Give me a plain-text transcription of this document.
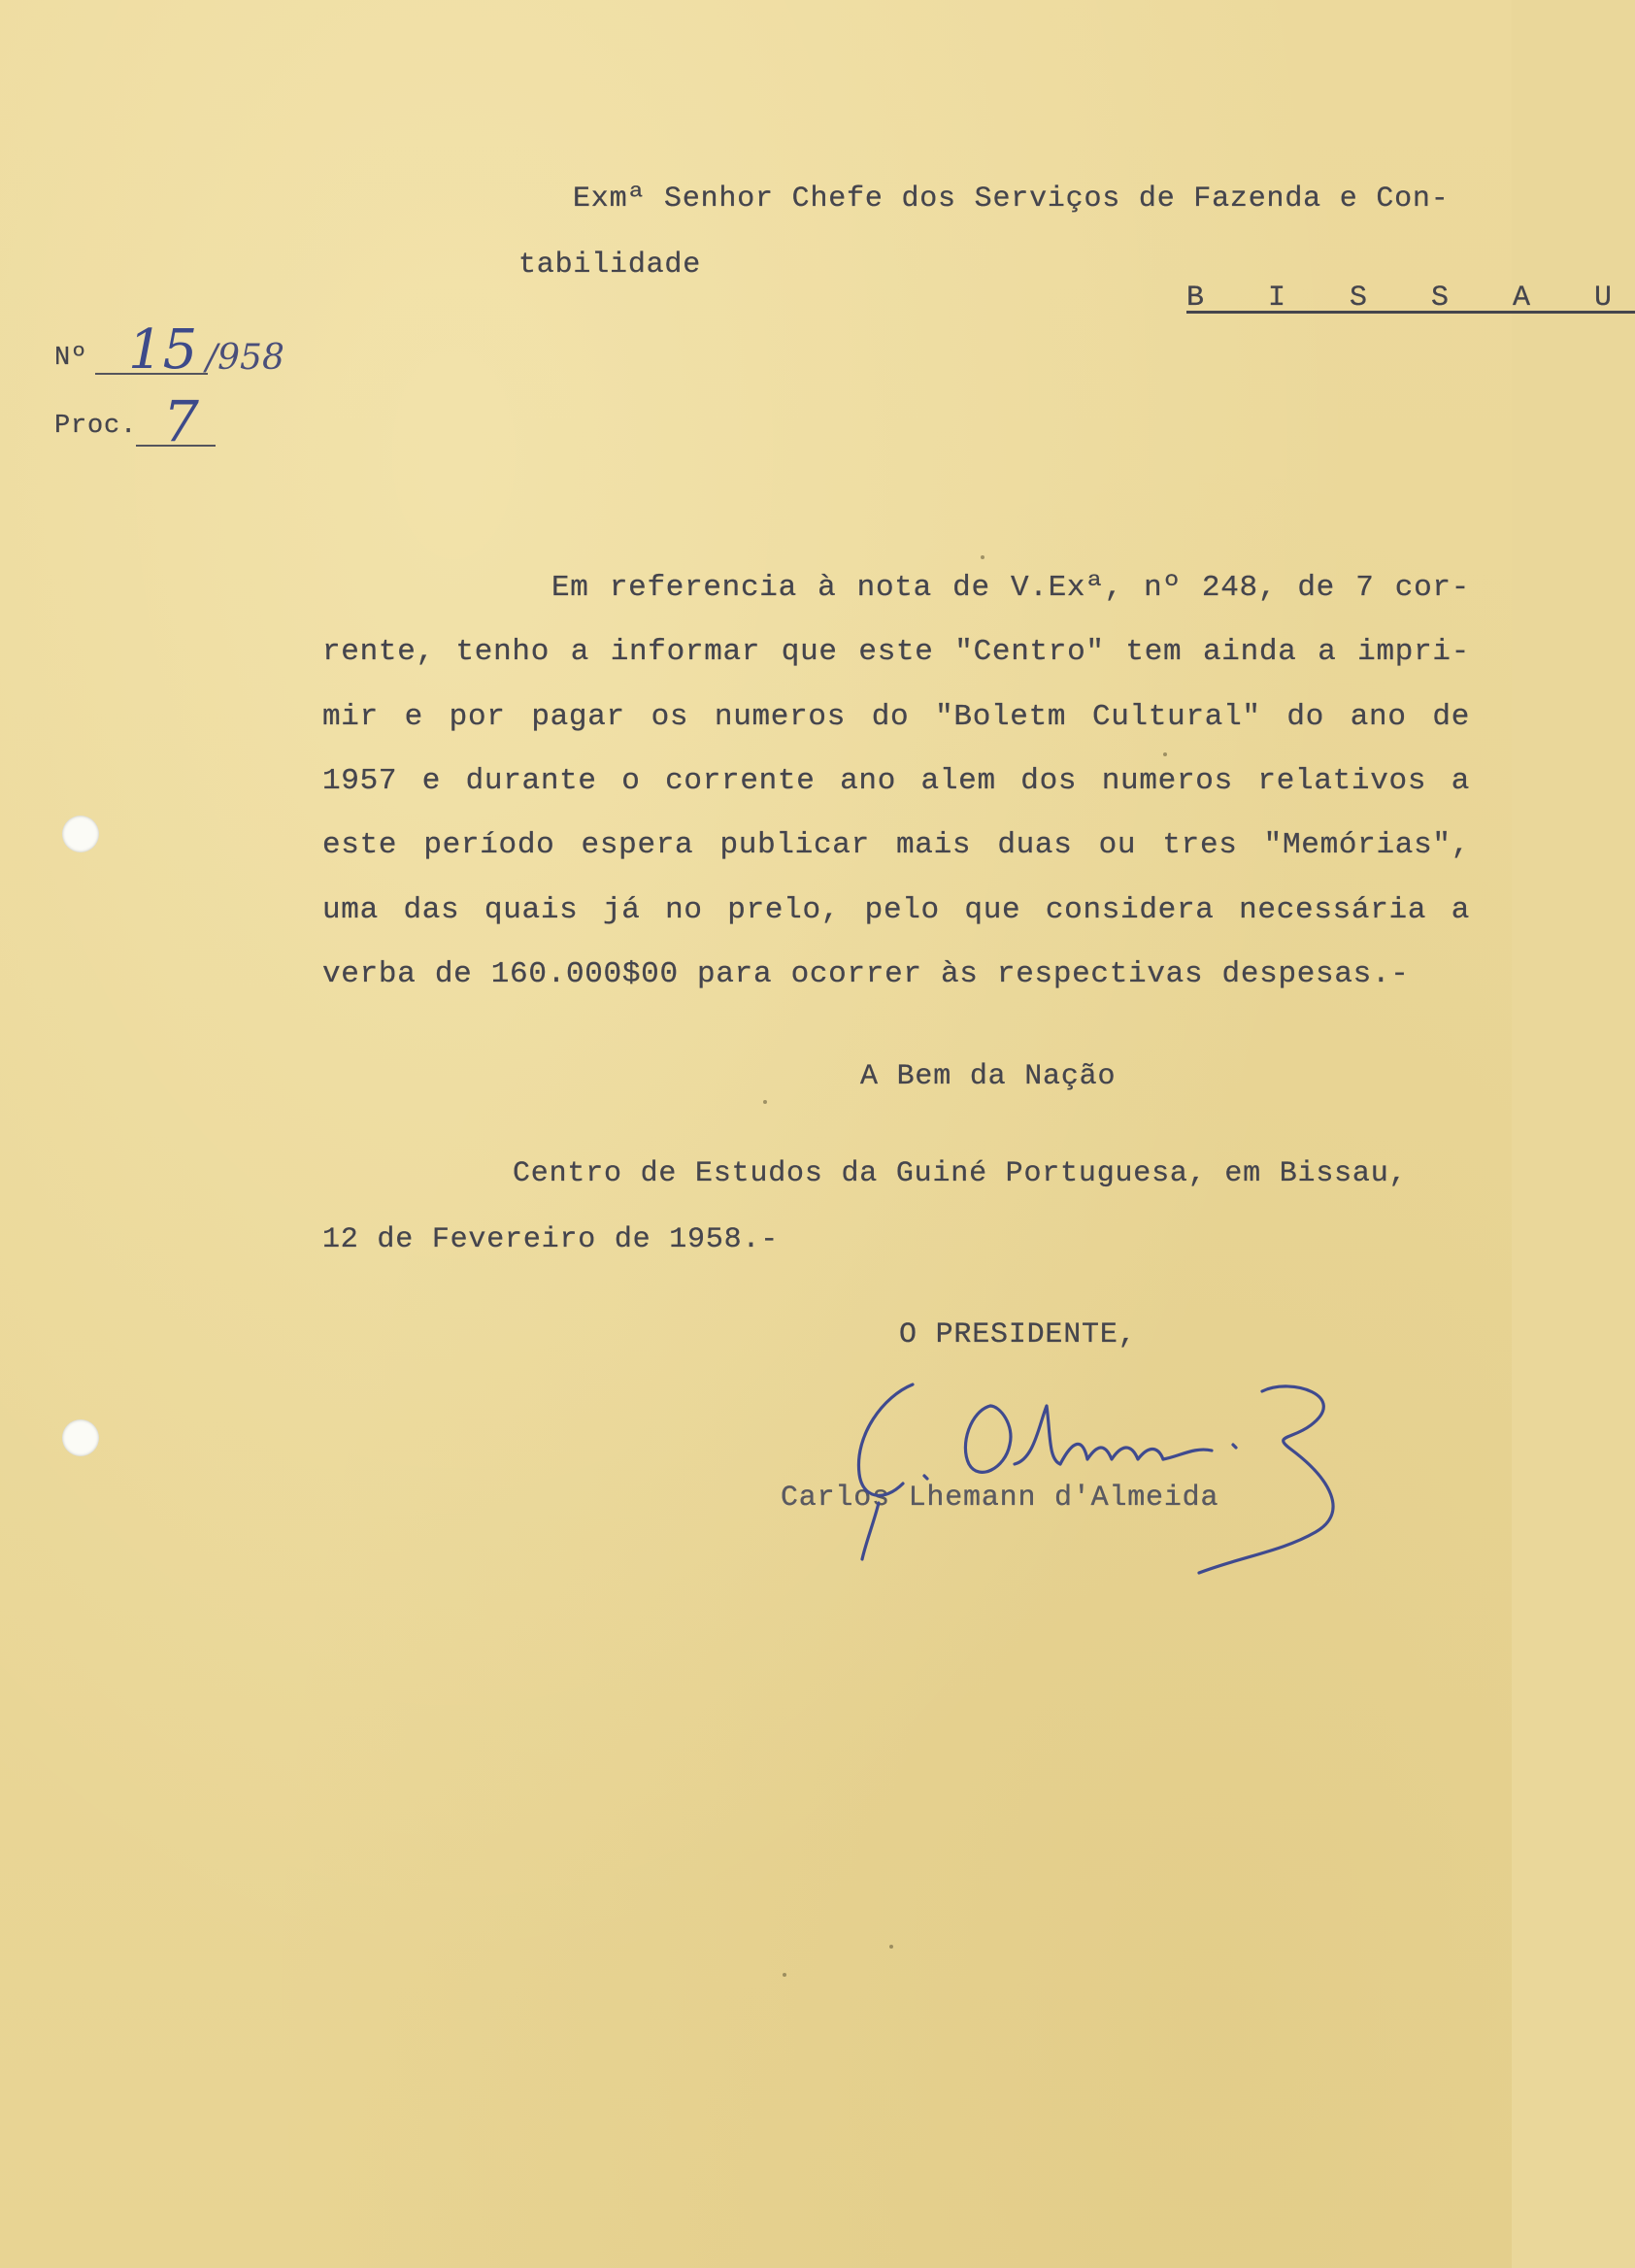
Exmª Senhor Chefe dos Serviços de Fazenda e Con-
tabilidade
B I S S A U
Nº 15 /958
Proc. 7
Em referencia à nota de V.Exª, nº 248, de 7 cor-
rente, tenho a informar que este "Centro" tem ainda a impri-
mir e por pagar os numeros do "Boletm Cultural" do ano de
1957 e durante o corrente ano alem dos numeros relativos a
este período espera publicar mais duas ou tres "Memórias",
uma das quais já no prelo, pelo que considera necessária a
verba de 160.000$00 para ocorrer às respectivas despesas.-
A Bem da Nação
Centro de Estudos da Guiné Portuguesa, em Bissau,
12 de Fevereiro de 1958.-
O PRESIDENTE,
Carlos Lhemann d'Almeida
